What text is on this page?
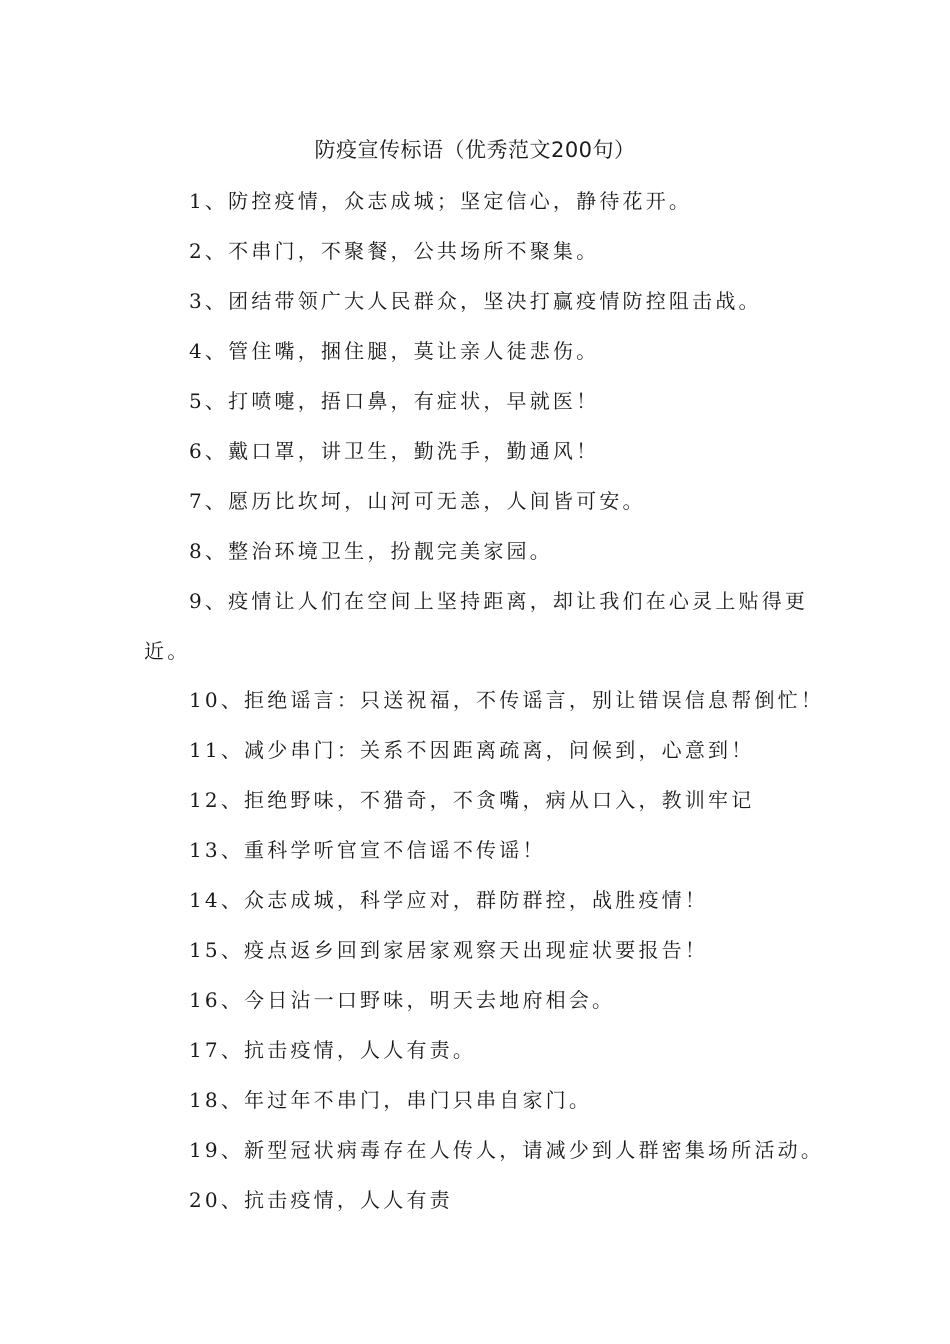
防疫宣传标语（优秀范文200句）

1、防控疫情，众志成城；坚定信心，静待花开。

2、不串门，不聚餐，公共场所不聚集。

3、团结带领广大人民群众，坚决打赢疫情防控阻击战。

4、管住嘴，捆住腿，莫让亲人徒悲伤。

5、打喷嚏，捂口鼻，有症状，早就医！

6、戴口罩，讲卫生，勤洗手，勤通风！

7、愿历比坎坷，山河可无恙，人间皆可安。

8、整治环境卫生，扮靓完美家园。

9、疫情让人们在空间上坚持距离，却让我们在心灵上贴得更
近。

10、拒绝谣言：只送祝福，不传谣言，别让错误信息帮倒忙！

11、减少串门：关系不因距离疏离，问候到，心意到！

12、拒绝野味，不猎奇，不贪嘴，病从口入，教训牢记

13、重科学听官宣不信谣不传谣！

14、众志成城，科学应对，群防群控，战胜疫情！

15、疫点返乡回到家居家观察天出现症状要报告！

16、今日沾一口野味，明天去地府相会。

17、抗击疫情，人人有责。

18、年过年不串门，串门只串自家门。

19、新型冠状病毒存在人传人，请减少到人群密集场所活动。

20、抗击疫情，人人有责
